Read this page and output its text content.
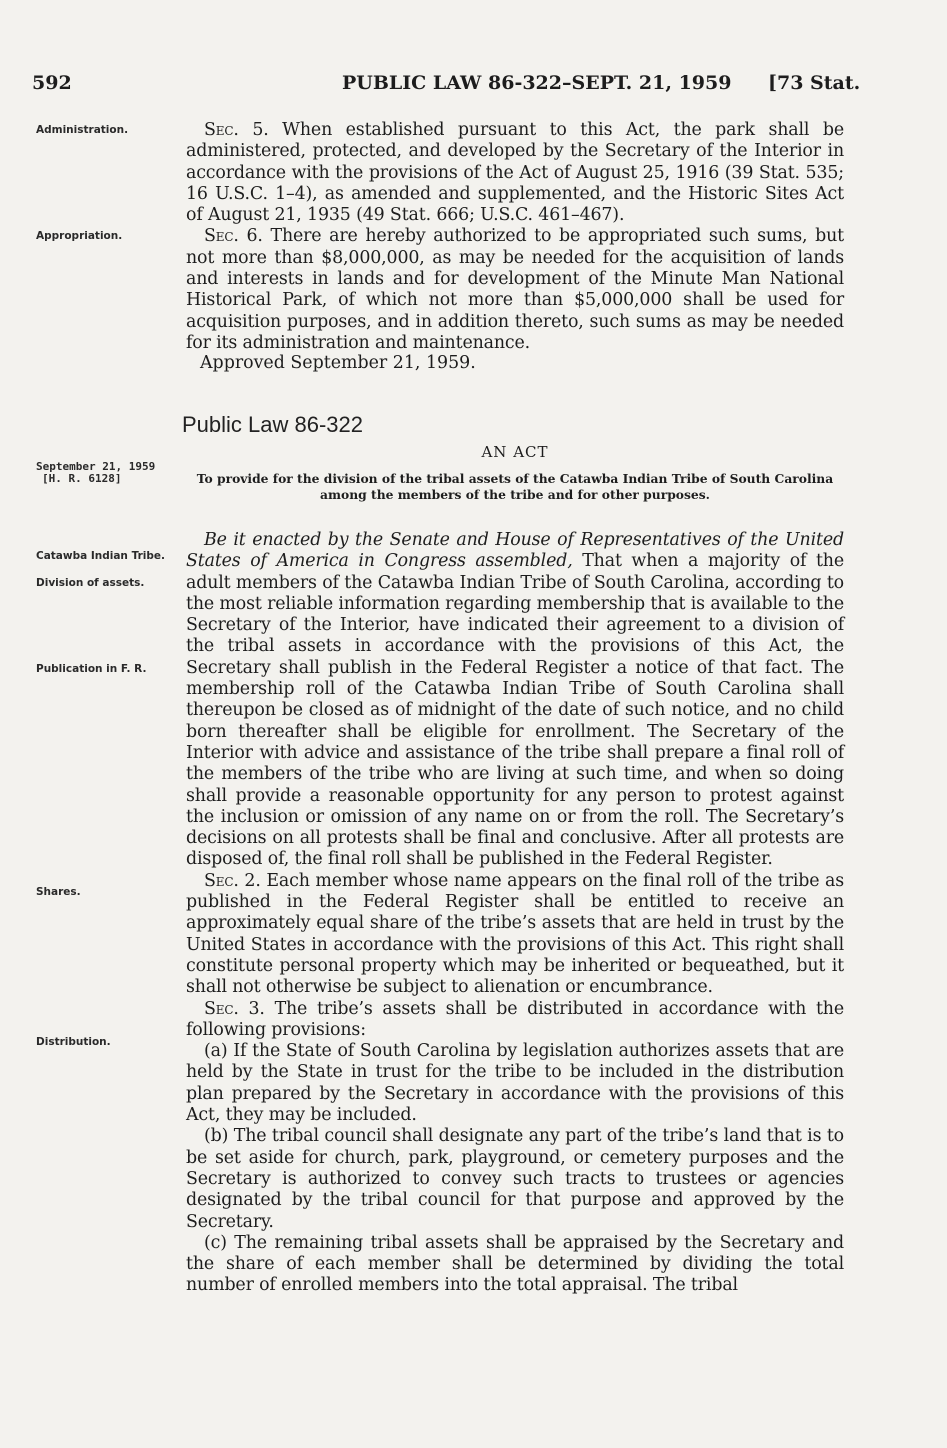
592	PUBLIC LAW 86-322–SEPT. 21, 1959 [73 Stat.
Administration.
Appropriation.
September 21, 1959
[H. R. 6128]
Catawba Indian Tribe.
Division of assets.
Publication in F. R.
Shares.
Distribution.

Sec. 5. When established pursuant to this Act, the park shall be administered, protected, and developed by the Secretary of the Interior in accordance with the provisions of the Act of August 25, 1916 (39 Stat. 535; 16 U.S.C. 1–4), as amended and supplemented, and the Historic Sites Act of August 21, 1935 (49 Stat. 666; U.S.C. 461–467).

Sec. 6. There are hereby authorized to be appropriated such sums, but not more than $8,000,000, as may be needed for the acquisition of lands and interests in lands and for development of the Minute Man National Historical Park, of which not more than $5,000,000 shall be used for acquisition purposes, and in addition thereto, such sums as may be needed for its administration and maintenance.

Approved September 21, 1959.
Public Law 86-322
AN ACT
To provide for the division of the tribal assets of the Catawba Indian Tribe of South Carolina among the members of the tribe and for other purposes.

Be it enacted by the Senate and House of Representatives of the United States of America in Congress assembled, That when a majority of the adult members of the Catawba Indian Tribe of South Carolina, according to the most reliable information regarding membership that is available to the Secretary of the Interior, have indicated their agreement to a division of the tribal assets in accordance with the provisions of this Act, the Secretary shall publish in the Federal Register a notice of that fact. The membership roll of the Catawba Indian Tribe of South Carolina shall thereupon be closed as of midnight of the date of such notice, and no child born thereafter shall be eligible for enrollment. The Secretary of the Interior with advice and assistance of the tribe shall prepare a final roll of the members of the tribe who are living at such time, and when so doing shall provide a reasonable opportunity for any person to protest against the inclusion or omission of any name on or from the roll. The Secretary’s decisions on all protests shall be final and conclusive. After all protests are disposed of, the final roll shall be published in the Federal Register.

Sec. 2. Each member whose name appears on the final roll of the tribe as published in the Federal Register shall be entitled to receive an approximately equal share of the tribe’s assets that are held in trust by the United States in accordance with the provisions of this Act. This right shall constitute personal property which may be inherited or bequeathed, but it shall not otherwise be subject to alienation or encumbrance.

Sec. 3. The tribe’s assets shall be distributed in accordance with the following provisions:

(a) If the State of South Carolina by legislation authorizes assets that are held by the State in trust for the tribe to be included in the distribution plan prepared by the Secretary in accordance with the provisions of this Act, they may be included.

(b) The tribal council shall designate any part of the tribe’s land that is to be set aside for church, park, playground, or cemetery purposes and the Secretary is authorized to convey such tracts to trustees or agencies designated by the tribal council for that purpose and approved by the Secretary.

(c) The remaining tribal assets shall be appraised by the Secretary and the share of each member shall be determined by dividing the total number of enrolled members into the total appraisal. The tribal
